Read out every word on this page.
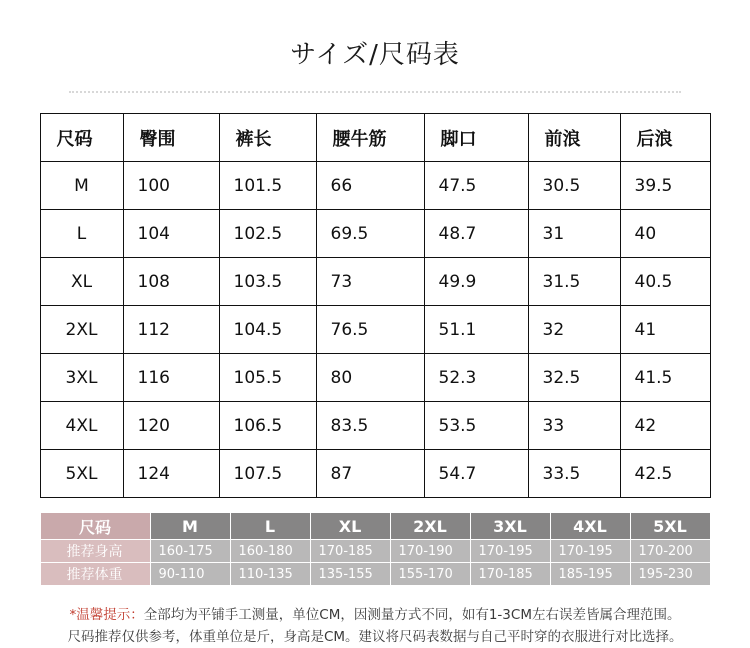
サイズ/尺码表
尺码	臀围	裤长	腰牛筋	脚口	前浪	后浪
M	100	101.5	66	47.5	30.5	39.5
L	104	102.5	69.5	48.7	31	40
XL	108	103.5	73	49.9	31.5	40.5
2XL	112	104.5	76.5	51.1	32	41
3XL	116	105.5	80	52.3	32.5	41.5
4XL	120	106.5	83.5	53.5	33	42
5XL	124	107.5	87	54.7	33.5	42.5
尺码	M	L	XL	2XL	3XL	4XL	5XL
推荐身高	160-175	160-180	170-185	170-190	170-195	170-195	170-200
推荐体重	90-110	110-135	135-155	155-170	170-185	185-195	195-230
*温馨提示：全部均为平铺手工测量，单位CM，因测量方式不同，如有1-3CM左右误差皆属合理范围。
尺码推荐仅供参考，体重单位是斤，身高是CM。建议将尺码表数据与自己平时穿的衣服进行对比选择。
